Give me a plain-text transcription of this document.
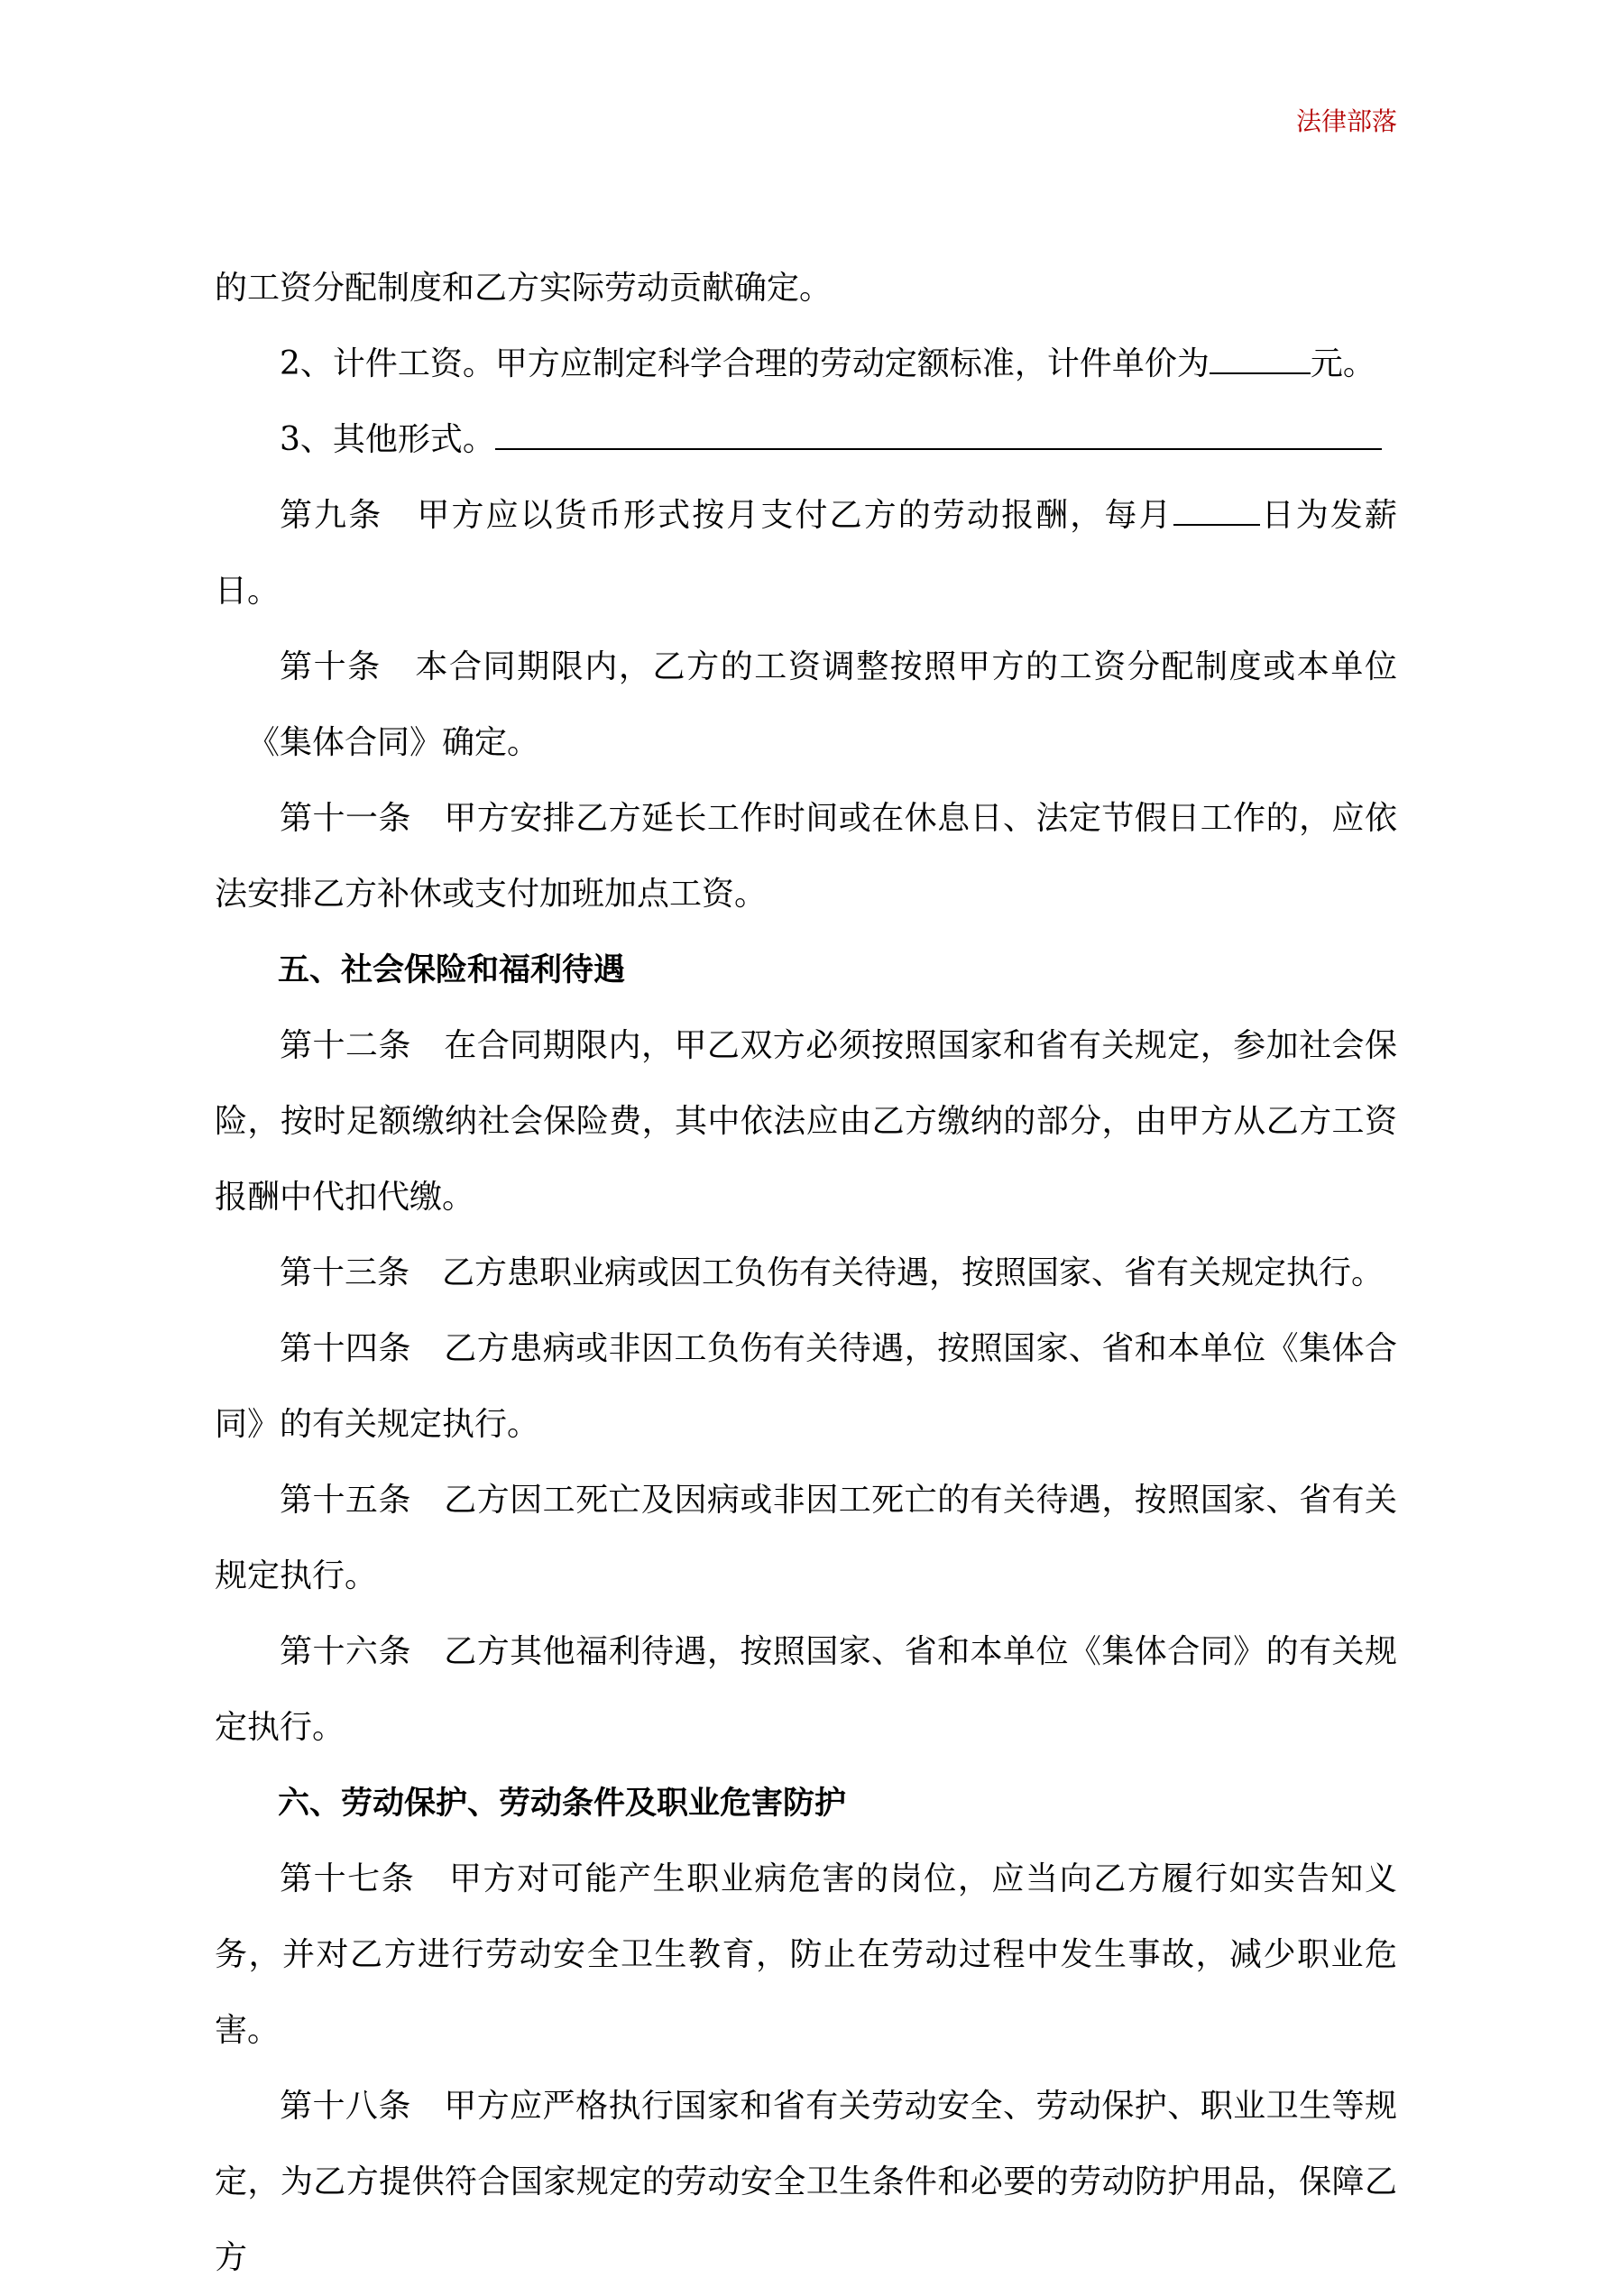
法律部落

的工资分配制度和乙方实际劳动贡献确定。

2、计件工资。甲方应制定科学合理的劳动定额标准，计件单价为	元。

3、其他形式。

第九条　甲方应以货币形式按月支付乙方的劳动报酬，每月	日为发薪日。

第十条　本合同期限内，乙方的工资调整按照甲方的工资分配制度或本单位《集体合同》确定。

第十一条　甲方安排乙方延长工作时间或在休息日、法定节假日工作的，应依法安排乙方补休或支付加班加点工资。

五、社会保险和福利待遇

第十二条　在合同期限内，甲乙双方必须按照国家和省有关规定，参加社会保险，按时足额缴纳社会保险费，其中依法应由乙方缴纳的部分，由甲方从乙方工资报酬中代扣代缴。

第十三条　乙方患职业病或因工负伤有关待遇，按照国家、省有关规定执行。

第十四条　乙方患病或非因工负伤有关待遇，按照国家、省和本单位《集体合同》的有关规定执行。

第十五条　乙方因工死亡及因病或非因工死亡的有关待遇，按照国家、省有关规定执行。

第十六条　乙方其他福利待遇，按照国家、省和本单位《集体合同》的有关规定执行。

六、劳动保护、劳动条件及职业危害防护

第十七条　甲方对可能产生职业病危害的岗位，应当向乙方履行如实告知义务，并对乙方进行劳动安全卫生教育，防止在劳动过程中发生事故，减少职业危害。

第十八条　甲方应严格执行国家和省有关劳动安全、劳动保护、职业卫生等规定，为乙方提供符合国家规定的劳动安全卫生条件和必要的劳动防护用品，保障乙方
